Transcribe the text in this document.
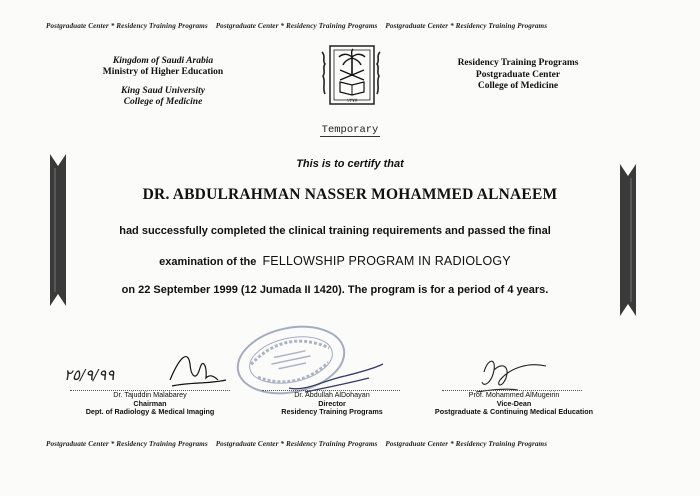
Postgraduate Center * Residency Training Programs Postgraduate Center * Residency Training Programs Postgraduate Center * Residency Training Programs
Kingdom of Saudi Arabia
Ministry of Higher Education
King Saud University
College of Medicine	١٣٧٧
Residency Training Programs
Postgraduate Center
College of Medicine
Temporary
This is to certify that
DR. ABDULRAHMAN NASSER MOHAMMED ALNAEEM
had successfully completed the clinical training requirements and passed the final
examination of the FELLOWSHIP PROGRAM IN RADIOLOGY
on 22 September 1999 (12 Jumada II 1420). The program is for a period of 4 years.
٢٥/٩/٩٩
Dr. Tajuddin Malabarey
Chairman
Dept. of Radiology & Medical Imaging
Dr. Abdullah AlDohayan
Director
Residency Training Programs
Prof. Mohammed AlMugeirin
Vice-Dean
Postgraduate & Continuing Medical Education
Postgraduate Center * Residency Training Programs Postgraduate Center * Residency Training Programs Postgraduate Center * Residency Training Programs
